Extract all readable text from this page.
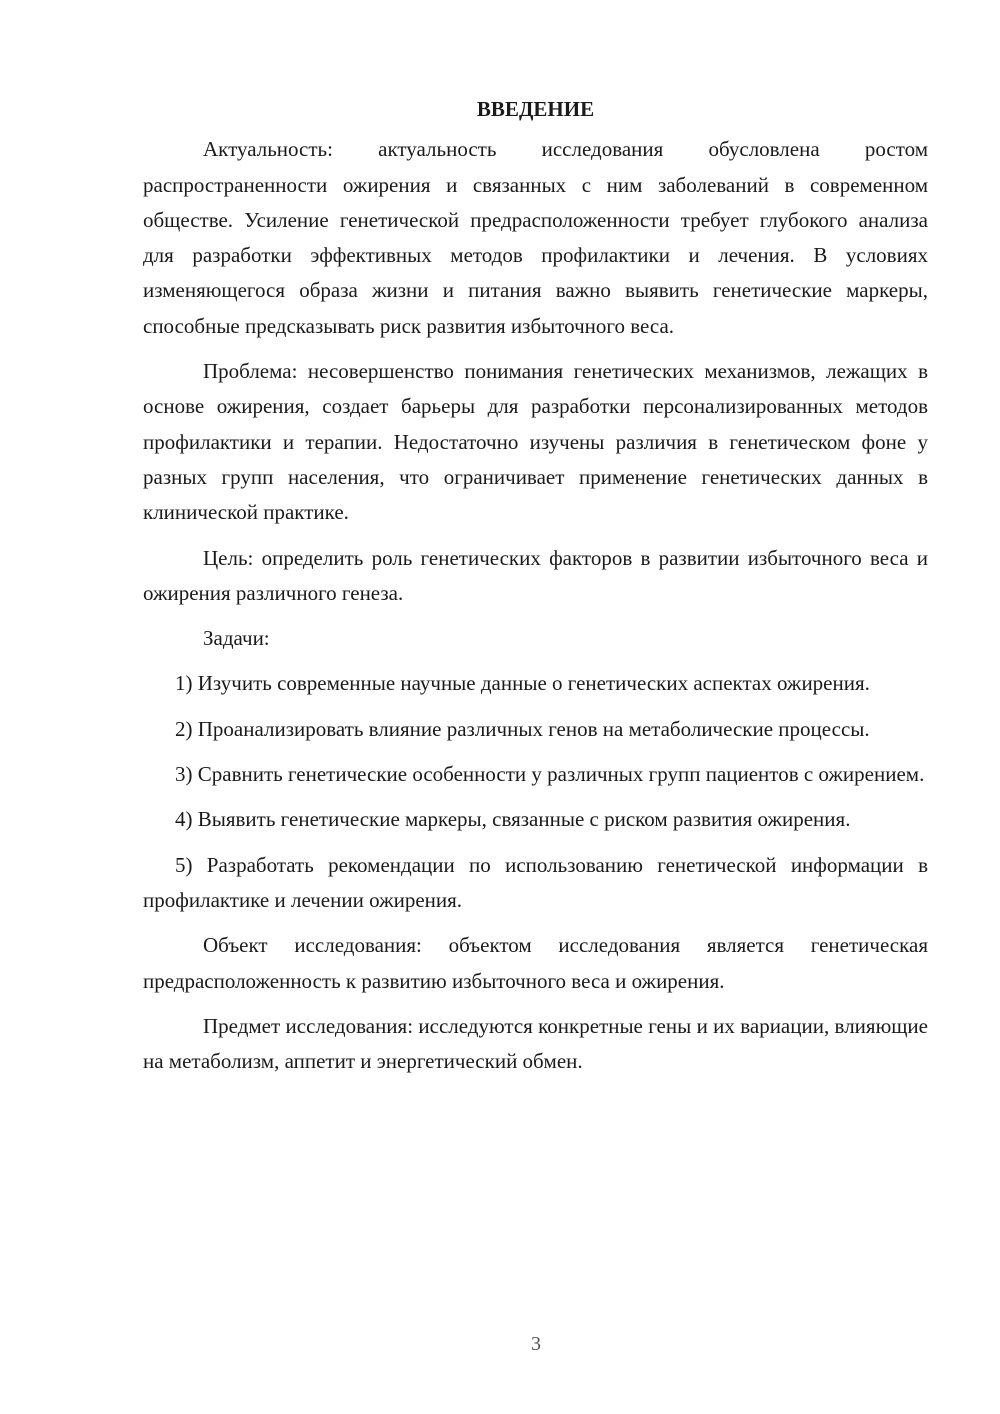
ВВЕДЕНИЕ

Актуальность: актуальность исследования обусловлена ростом распространенности ожирения и связанных с ним заболеваний в современном обществе. Усиление генетической предрасположенности требует глубокого анализа для разработки эффективных методов профилактики и лечения. В условиях изменяющегося образа жизни и питания важно выявить генетические маркеры, способные предсказывать риск развития избыточного веса.

Проблема: несовершенство понимания генетических механизмов, лежащих в основе ожирения, создает барьеры для разработки персонализированных методов профилактики и терапии. Недостаточно изучены различия в генетическом фоне у разных групп населения, что ограничивает применение генетических данных в клинической практике.

Цель: определить роль генетических факторов в развитии избыточного веса и ожирения различного генеза.

Задачи:

1) Изучить современные научные данные о генетических аспектах ожирения.
2) Проанализировать влияние различных генов на метаболические процессы.
3) Сравнить генетические особенности у различных групп пациентов с ожирением.
4) Выявить генетические маркеры, связанные с риском развития ожирения.
5) Разработать рекомендации по использованию генетической информации в профилактике и лечении ожирения.

Объект исследования: объектом исследования является генетическая предрасположенность к развитию избыточного веса и ожирения.

Предмет исследования: исследуются конкретные гены и их вариации, влияющие на метаболизм, аппетит и энергетический обмен.

3
